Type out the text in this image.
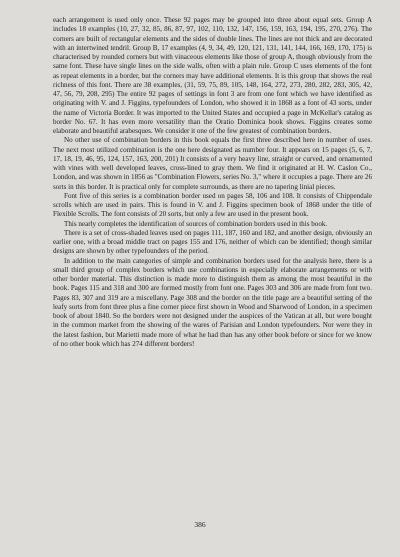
each arrangement is used only once. These 92 pages may be grouped into three about equal sets. Group A includes 18 examples (10, 27, 32, 85, 86, 87, 97, 102, 110, 132, 147, 156, 159, 163, 194, 195, 270, 276). The corners are built of rectangular elements and the sides of double lines. The lines are not thick and are decorated with an intertwined tendril. Group B, 17 examples (4, 9, 34, 49, 120, 121, 131, 141, 144, 166, 169, 170, 175) is characterised by rounded corners but with vinaceous elements like those of group A, though obviously from the same font. These have single lines on the side walls, often with a plain rule. Group C uses elements of the font as repeat elements in a border, but the corners may have additional elements. It is this group that shows the real richness of this font. There are 38 examples, (31, 59, 75, 89, 105, 148, 164, 272, 273, 280, 282, 283, 305, 42, 47, 56, 79, 208, 295) The entire 92 pages of settings in font 3 are from one font which we have identified as originating with V. and J. Figgins, typefounders of London, who showed it in 1868 as a font of 43 sorts, under the name of Victoria Border. It was imported to the United States and occupied a page in McKellar's catalog as border No. 67. It has even more versatility than the Oratio Dominica book shows. Figgins creates some elaborate and beautiful arabesques. We consider it one of the few greatest of combination borders.

No other use of combination borders in this book equals the first three described here in number of uses. The next most utilized combination is the one here designated as number four. It appears on 15 pages (5, 6, 7, 17, 18, 19, 46, 95, 124, 157, 163, 200, 201) It consists of a very heavy line, straight or curved, and ornamented with vines with well developed leaves, cross-lined to gray them. We find it originated at H. W. Caslon Co., London, and was shown in 1856 as "Combination Flowers, series No. 3," where it occupies a page. There are 26 sorts in this border. It is practical only for complete surrounds, as there are no tapering linial pieces.

Font five of this series is a combination border used on pages 58, 106 and 108. It consists of Chippendale scrolls which are used in pairs. This is found in V. and J. Figgins specimen book of 1868 under the title of Flexible Scrolls. The font consists of 20 sorts, but only a few are used in the present book.

This nearly completes the identification of sources of combination borders used in this book.

There is a set of cross-shaded leaves used on pages 111, 187, 160 and 182, and another design, obviously an earlier one, with a broad middle tract on pages 155 and 176, neither of which can be identified; though similar designs are shown by other typefounders of the period.

In addition to the main categories of simple and combination borders used for the analysis here, there is a small third group of complex borders which use combinations in especially elaborate arrangements or with other border material. This distinction is made more to distinguish them as among the most beautiful in the book. Pages 115 and 318 and 300 are formed mostly from font one. Pages 303 and 306 are made from font two. Pages 83, 307 and 319 are a miscellany. Page 308 and the border on the title page are a beautiful setting of the leafy sorts from font three plus a fine corner piece first shown in Wood and Sharwood of London, in a specimen book of about 1840. So the borders were not designed under the auspices of the Vatican at all, but were bought in the common market from the showing of the wares of Parisian and London typefounders. Nor were they in the latest fashion, but Marietti made more of what he had than has any other book before or since for we know of no other book which has 274 different borders!

386
